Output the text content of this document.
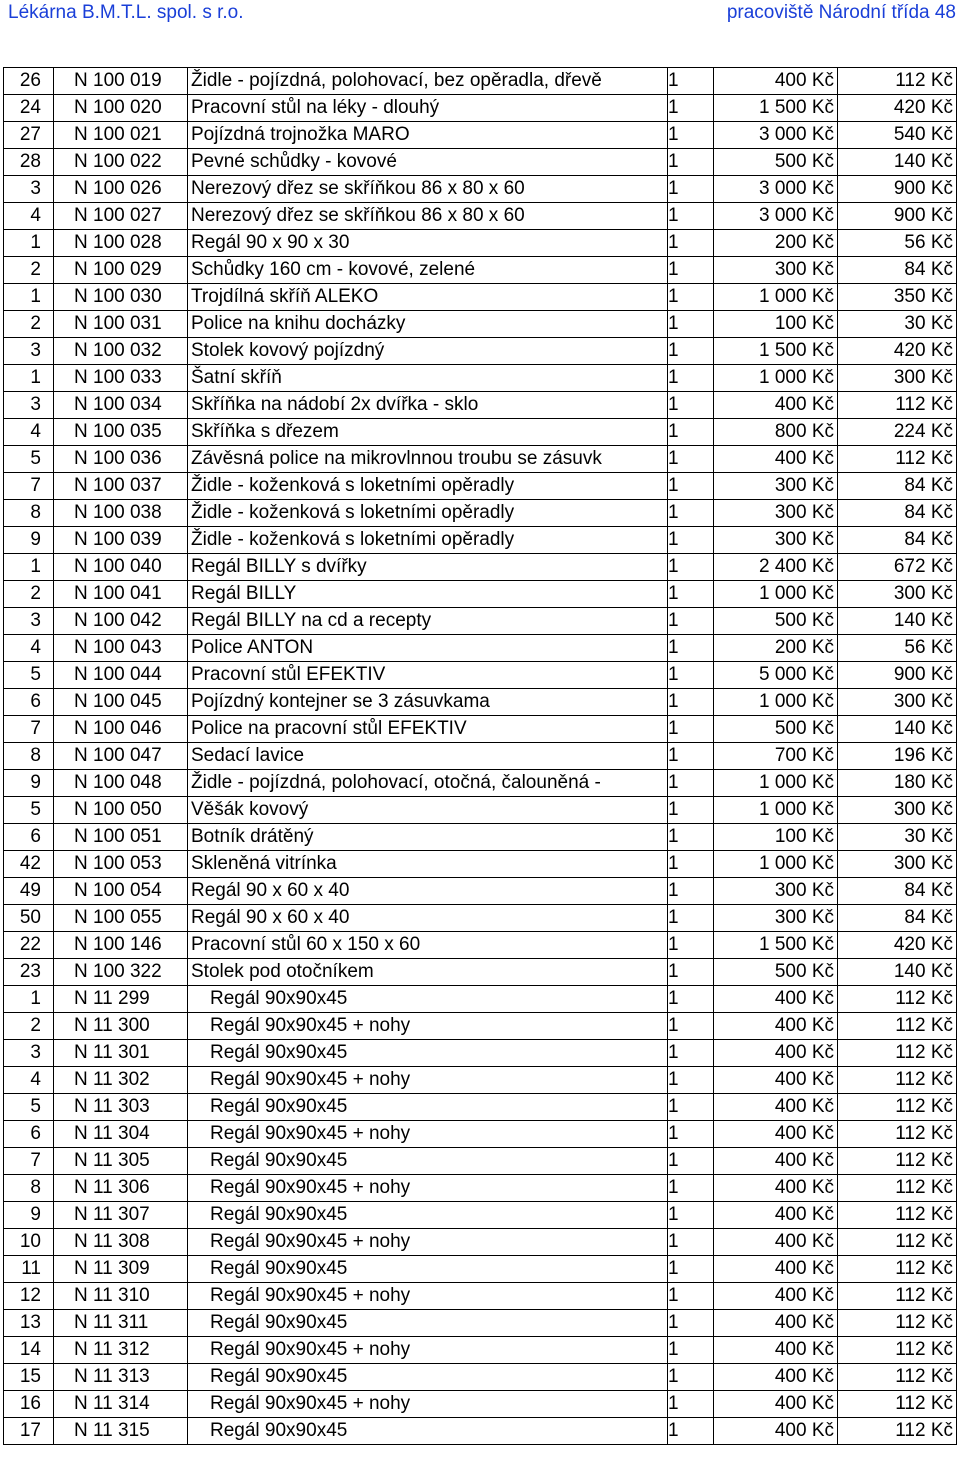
Lékárna B.M.T.L. spol. s r.o.	pracoviště Národní třída 48
26	N 100 019	Židle - pojízdná, polohovací, bez opěradla, dřevě	1	400 Kč	112 Kč
24	N 100 020	Pracovní stůl na léky - dlouhý	1	1 500 Kč	420 Kč
27	N 100 021	Pojízdná trojnožka MARO	1	3 000 Kč	540 Kč
28	N 100 022	Pevné schůdky - kovové	1	500 Kč	140 Kč
3	N 100 026	Nerezový dřez se skříňkou 86 x 80 x 60	1	3 000 Kč	900 Kč
4	N 100 027	Nerezový dřez se skříňkou 86 x 80 x 60	1	3 000 Kč	900 Kč
1	N 100 028	Regál 90 x 90 x 30	1	200 Kč	56 Kč
2	N 100 029	Schůdky 160 cm - kovové, zelené	1	300 Kč	84 Kč
1	N 100 030	Trojdílná skříň ALEKO	1	1 000 Kč	350 Kč
2	N 100 031	Police na knihu docházky	1	100 Kč	30 Kč
3	N 100 032	Stolek kovový pojízdný	1	1 500 Kč	420 Kč
1	N 100 033	Šatní skříň	1	1 000 Kč	300 Kč
3	N 100 034	Skříňka na nádobí 2x dvířka - sklo	1	400 Kč	112 Kč
4	N 100 035	Skříňka s dřezem	1	800 Kč	224 Kč
5	N 100 036	Závěsná police na mikrovlnnou troubu se zásuvk	1	400 Kč	112 Kč
7	N 100 037	Židle - koženková s loketními opěradly	1	300 Kč	84 Kč
8	N 100 038	Židle - koženková s loketními opěradly	1	300 Kč	84 Kč
9	N 100 039	Židle - koženková s loketními opěradly	1	300 Kč	84 Kč
1	N 100 040	Regál BILLY s dvířky	1	2 400 Kč	672 Kč
2	N 100 041	Regál BILLY	1	1 000 Kč	300 Kč
3	N 100 042	Regál BILLY na cd a recepty	1	500 Kč	140 Kč
4	N 100 043	Police ANTON	1	200 Kč	56 Kč
5	N 100 044	Pracovní stůl EFEKTIV	1	5 000 Kč	900 Kč
6	N 100 045	Pojízdný kontejner se 3 zásuvkama	1	1 000 Kč	300 Kč
7	N 100 046	Police na pracovní stůl EFEKTIV	1	500 Kč	140 Kč
8	N 100 047	Sedací lavice	1	700 Kč	196 Kč
9	N 100 048	Židle - pojízdná, polohovací, otočná, čalouněná -	1	1 000 Kč	180 Kč
5	N 100 050	Věšák kovový	1	1 000 Kč	300 Kč
6	N 100 051	Botník drátěný	1	100 Kč	30 Kč
42	N 100 053	Skleněná vitrínka	1	1 000 Kč	300 Kč
49	N 100 054	Regál 90 x 60 x 40	1	300 Kč	84 Kč
50	N 100 055	Regál 90 x 60 x 40	1	300 Kč	84 Kč
22	N 100 146	Pracovní stůl 60 x 150 x 60	1	1 500 Kč	420 Kč
23	N 100 322	Stolek pod otočníkem	1	500 Kč	140 Kč
1	N 11 299	Regál 90x90x45	1	400 Kč	112 Kč
2	N 11 300	Regál 90x90x45 + nohy	1	400 Kč	112 Kč
3	N 11 301	Regál 90x90x45	1	400 Kč	112 Kč
4	N 11 302	Regál 90x90x45 + nohy	1	400 Kč	112 Kč
5	N 11 303	Regál 90x90x45	1	400 Kč	112 Kč
6	N 11 304	Regál 90x90x45 + nohy	1	400 Kč	112 Kč
7	N 11 305	Regál 90x90x45	1	400 Kč	112 Kč
8	N 11 306	Regál 90x90x45 + nohy	1	400 Kč	112 Kč
9	N 11 307	Regál 90x90x45	1	400 Kč	112 Kč
10	N 11 308	Regál 90x90x45 + nohy	1	400 Kč	112 Kč
11	N 11 309	Regál 90x90x45	1	400 Kč	112 Kč
12	N 11 310	Regál 90x90x45 + nohy	1	400 Kč	112 Kč
13	N 11 311	Regál 90x90x45	1	400 Kč	112 Kč
14	N 11 312	Regál 90x90x45 + nohy	1	400 Kč	112 Kč
15	N 11 313	Regál 90x90x45	1	400 Kč	112 Kč
16	N 11 314	Regál 90x90x45 + nohy	1	400 Kč	112 Kč
17	N 11 315	Regál 90x90x45	1	400 Kč	112 Kč
